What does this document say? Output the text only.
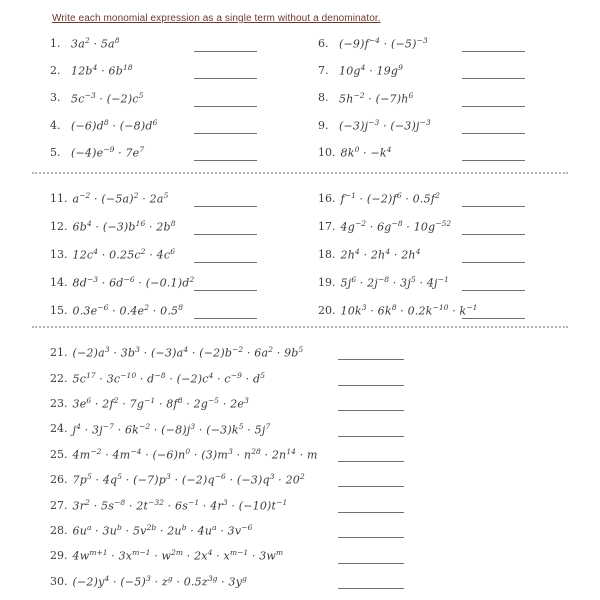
Write each monomial expression as a single term without a denominator.
1. $3a^2 \cdot 5a^8$
2. $12b^4 \cdot 6b^{18}$
3. $5c^{-3} \cdot (-2)c^5$
4. $(-6)d^8 \cdot (-8)d^6$
5. $(-4)e^{-9} \cdot 7e^7$
6. $(-9)f^{-4} \cdot (-5)^{-3}$
7. $10g^4 \cdot 19g^9$
8. $5h^{-2} \cdot (-7)h^6$
9. $(-3)j^{-3} \cdot (-3)j^{-3}$
10. $8k^0 \cdot -k^4$
11. $a^{-2} \cdot (-5a)^2 \cdot 2a^5$
12. $6b^4 \cdot (-3)b^{16} \cdot 2b^8$
13. $12c^4 \cdot 0.25c^2 \cdot 4c^6$
14. $8d^{-3} \cdot 6d^{-6} \cdot (-0.1)d^2$
15. $0.3e^{-6} \cdot 0.4e^2 \cdot 0.5^8$
16. $f^{-1} \cdot (-2)f^6 \cdot 0.5f^2$
17. $4g^{-2} \cdot 6g^{-8} \cdot 10g^{-52}$
18. $2h^4 \cdot 2h^4 \cdot 2h^4$
19. $5j^6 \cdot 2j^{-8} \cdot 3j^5 \cdot 4j^{-1}$
20. $10k^3 \cdot 6k^8 \cdot 0.2k^{-10} \cdot k^{-1}$
21. $(-2)a^3 \cdot 3b^3 \cdot (-3)a^4 \cdot (-2)b^{-2} \cdot 6a^2 \cdot 9b^5$
22. $5c^{17} \cdot 3c^{-10} \cdot d^{-8} \cdot (-2)c^4 \cdot c^{-9} \cdot d^5$
23. $3e^6 \cdot 2f^2 \cdot 7g^{-1} \cdot 8f^8 \cdot 2g^{-5} \cdot 2e^3$
24. $j^4 \cdot 3j^{-7} \cdot 6k^{-2} \cdot (-8)j^3 \cdot (-3)k^5 \cdot 5j^7$
25. $4m^{-2} \cdot 4m^{-4} \cdot (-6)n^0 \cdot (3)m^3 \cdot n^{28} \cdot 2n^{14} \cdot m$
26. $7p^5 \cdot 4q^5 \cdot (-7)p^3 \cdot (-2)q^{-6} \cdot (-3)q^3 \cdot 20^2$
27. $3r^2 \cdot 5s^{-8} \cdot 2t^{-32} \cdot 6s^{-1} \cdot 4r^3 \cdot (-10)t^{-1}$
28. $6u^a \cdot 3u^b \cdot 5v^{2b} \cdot 2u^b \cdot 4u^a \cdot 3v^{-6}$
29. $4w^{m+1} \cdot 3x^{m-1} \cdot w^{2m} \cdot 2x^4 \cdot x^{m-1} \cdot 3w^m$
30. $(-2)y^4 \cdot (-5)^3 \cdot z^g \cdot 0.5z^{3g} \cdot 3y^g$
